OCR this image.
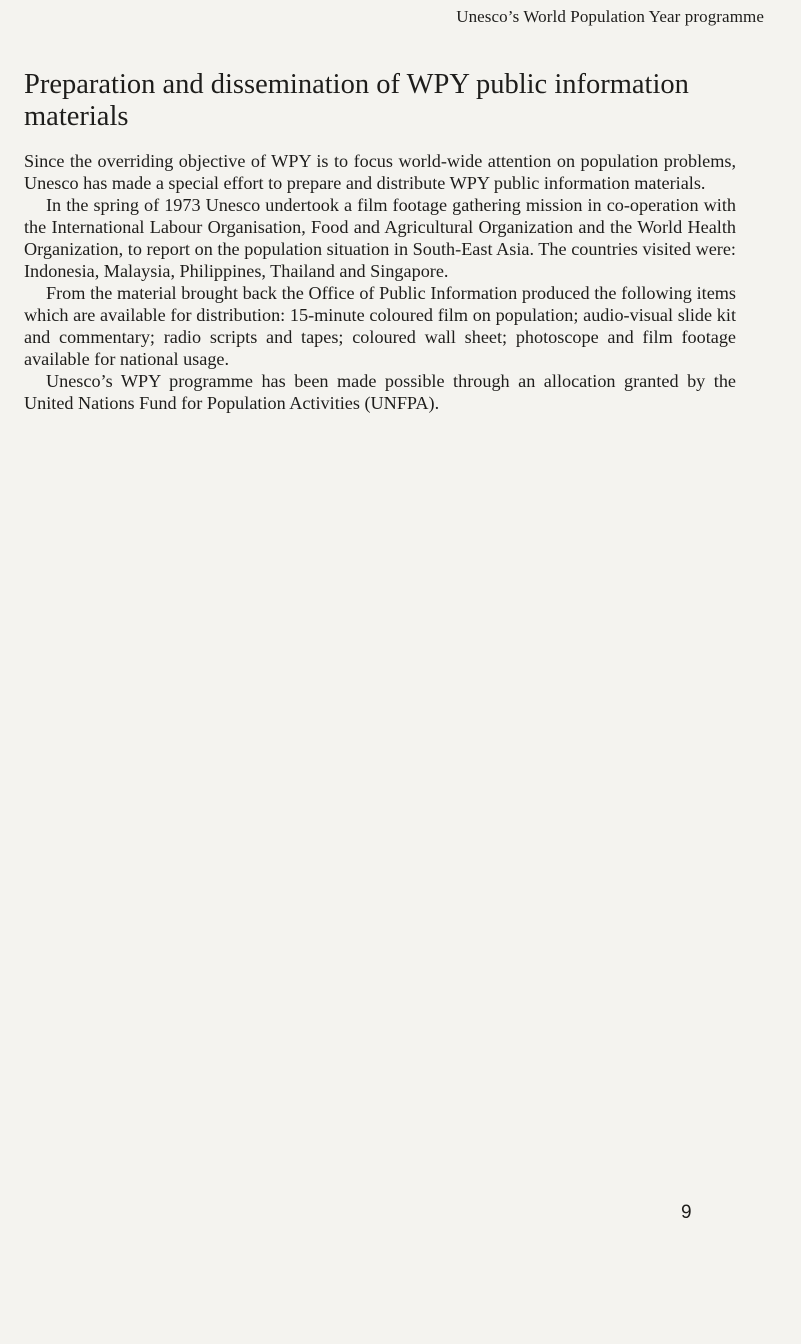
Unesco’s World Population Year programme
Preparation and dissemination of WPY public information materials

Since the overriding objective of WPY is to focus world-wide attention on population problems, Unesco has made a special effort to prepare and distribute WPY public information materials.

In the spring of 1973 Unesco undertook a film footage gathering mission in co-operation with the International Labour Organisation, Food and Agricultural Organization and the World Health Organization, to report on the population situation in South-East Asia. The countries visited were: Indonesia, Malaysia, Philippines, Thailand and Singapore.

From the material brought back the Office of Public Information produced the following items which are available for distribution: 15-minute coloured film on population; audio-visual slide kit and commentary; radio scripts and tapes; coloured wall sheet; photoscope and film footage available for national usage.

Unesco’s WPY programme has been made possible through an allocation granted by the United Nations Fund for Population Activities (UNFPA).

9
